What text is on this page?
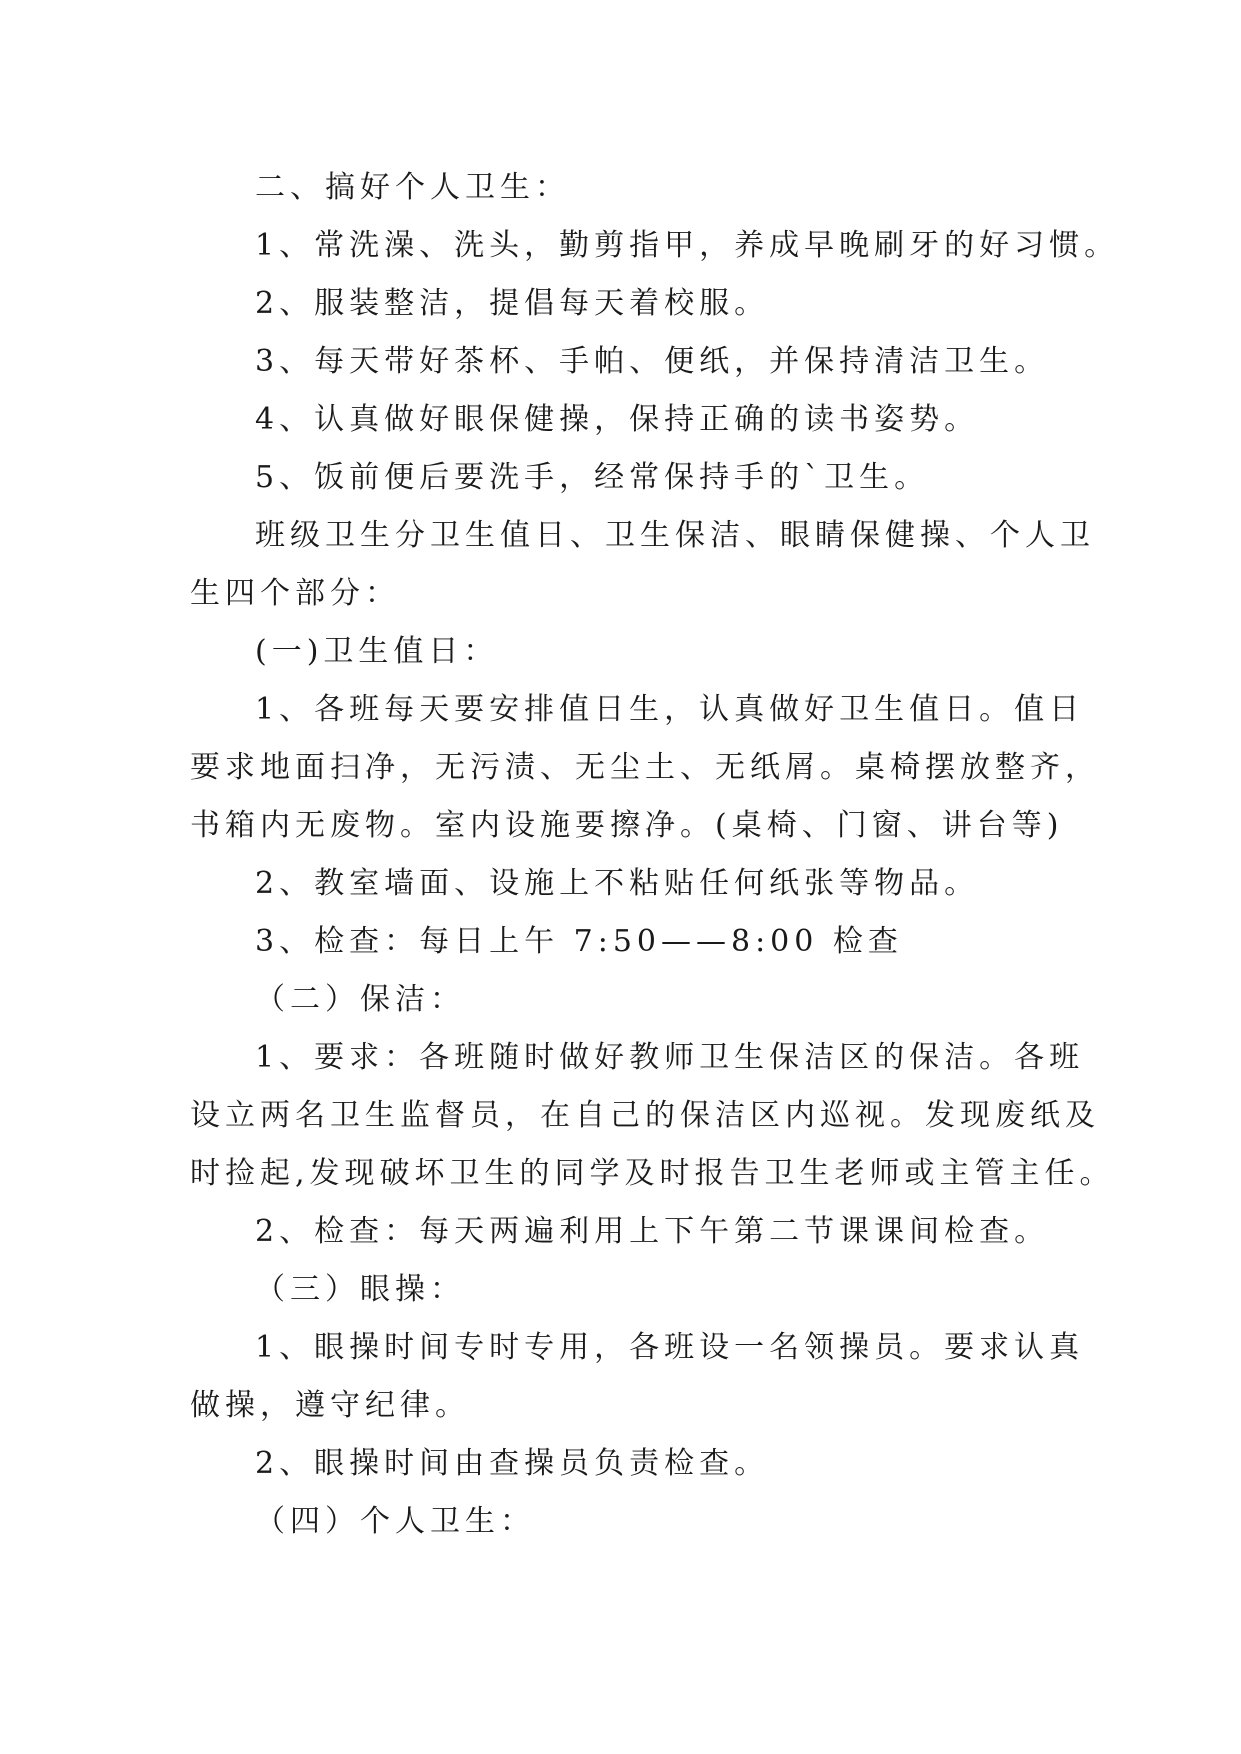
二、搞好个人卫生：
1、常洗澡、洗头，勤剪指甲，养成早晚刷牙的好习惯。
2、服装整洁，提倡每天着校服。
3、每天带好茶杯、手帕、便纸，并保持清洁卫生。
4、认真做好眼保健操，保持正确的读书姿势。
5、饭前便后要洗手，经常保持手的`卫生。
班级卫生分卫生值日、卫生保洁、眼睛保健操、个人卫
生四个部分：
(一)卫生值日：
1、各班每天要安排值日生，认真做好卫生值日。值日
要求地面扫净，无污渍、无尘土、无纸屑。桌椅摆放整齐，
书箱内无废物。室内设施要擦净。(桌椅、门窗、讲台等)
2、教室墙面、设施上不粘贴任何纸张等物品。
3、检查：每日上午 7:50——8:00 检查
（二）保洁：
1、要求：各班随时做好教师卫生保洁区的保洁。各班
设立两名卫生监督员，在自己的保洁区内巡视。发现废纸及
时捡起,发现破坏卫生的同学及时报告卫生老师或主管主任。
2、检查：每天两遍利用上下午第二节课课间检查。
（三）眼操：
1、眼操时间专时专用，各班设一名领操员。要求认真
做操，遵守纪律。
2、眼操时间由查操员负责检查。
（四）个人卫生：
